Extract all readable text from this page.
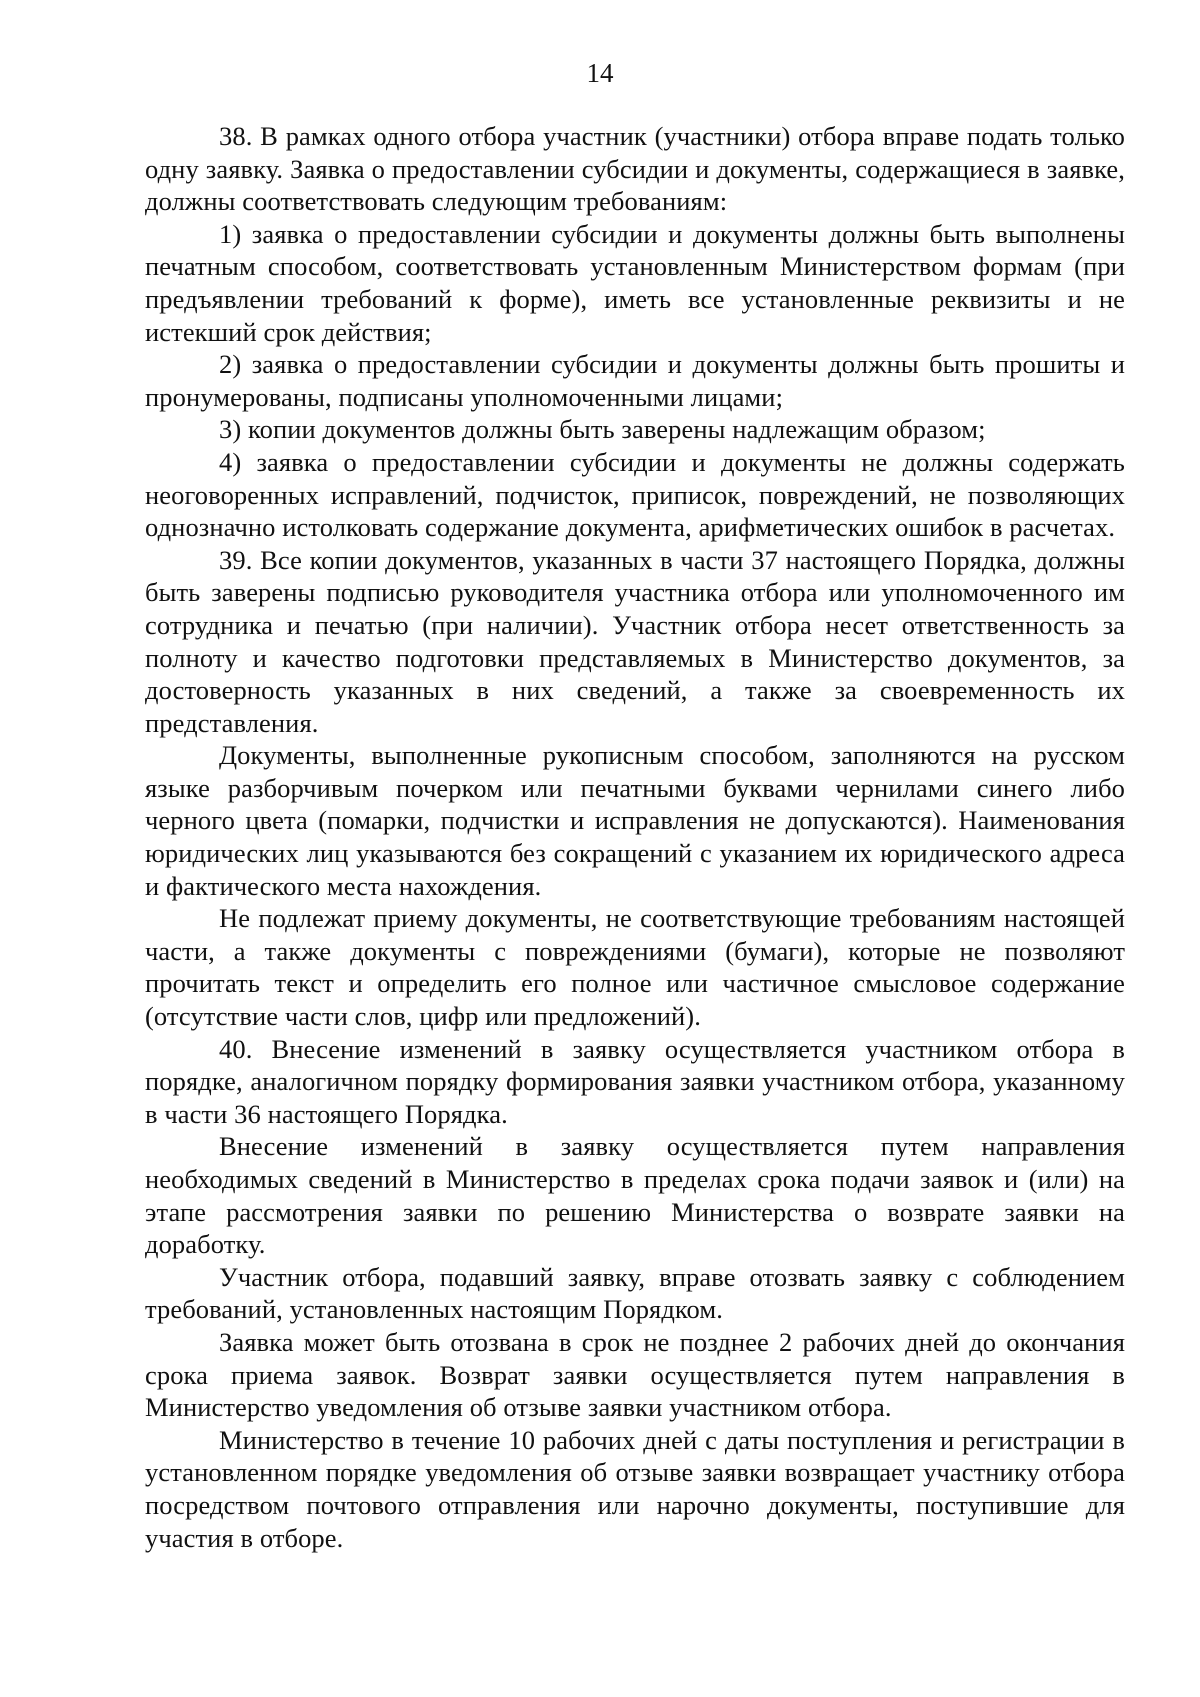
14

38. В рамках одного отбора участник (участники) отбора вправе подать только одну заявку. Заявка о предоставлении субсидии и документы, содержащиеся в заявке, должны соответствовать следующим требованиям:

1) заявка о предоставлении субсидии и документы должны быть выполнены печатным способом, соответствовать установленным Министерством формам (при предъявлении требований к форме), иметь все установленные реквизиты и не истекший срок действия;

2) заявка о предоставлении субсидии и документы должны быть прошиты и пронумерованы, подписаны уполномоченными лицами;

3) копии документов должны быть заверены надлежащим образом;

4) заявка о предоставлении субсидии и документы не должны содержать неоговоренных исправлений, подчисток, приписок, повреждений, не позволяющих однозначно истолковать содержание документа, арифметических ошибок в расчетах.

39. Все копии документов, указанных в части 37 настоящего Порядка, должны быть заверены подписью руководителя участника отбора или уполномоченного им сотрудника и печатью (при наличии). Участник отбора несет ответственность за полноту и качество подготовки представляемых в Министерство документов, за достоверность указанных в них сведений, а также за своевременность их представления.

Документы, выполненные рукописным способом, заполняются на русском языке разборчивым почерком или печатными буквами чернилами синего либо черного цвета (помарки, подчистки и исправления не допускаются). Наименования юридических лиц указываются без сокращений с указанием их юридического адреса и фактического места нахождения.

Не подлежат приему документы, не соответствующие требованиям настоящей части, а также документы с повреждениями (бумаги), которые не позволяют прочитать текст и определить его полное или частичное смысловое содержание (отсутствие части слов, цифр или предложений).

40. Внесение изменений в заявку осуществляется участником отбора в порядке, аналогичном порядку формирования заявки участником отбора, указанному в части 36 настоящего Порядка.

Внесение изменений в заявку осуществляется путем направления необходимых сведений в Министерство в пределах срока подачи заявок и (или) на этапе рассмотрения заявки по решению Министерства о возврате заявки на доработку.

Участник отбора, подавший заявку, вправе отозвать заявку с соблюдением требований, установленных настоящим Порядком.

Заявка может быть отозвана в срок не позднее 2 рабочих дней до окончания срока приема заявок. Возврат заявки осуществляется путем направления в Министерство уведомления об отзыве заявки участником отбора.

Министерство в течение 10 рабочих дней с даты поступления и регистрации в установленном порядке уведомления об отзыве заявки возвращает участнику отбора посредством почтового отправления или нарочно документы, поступившие для участия в отборе.
